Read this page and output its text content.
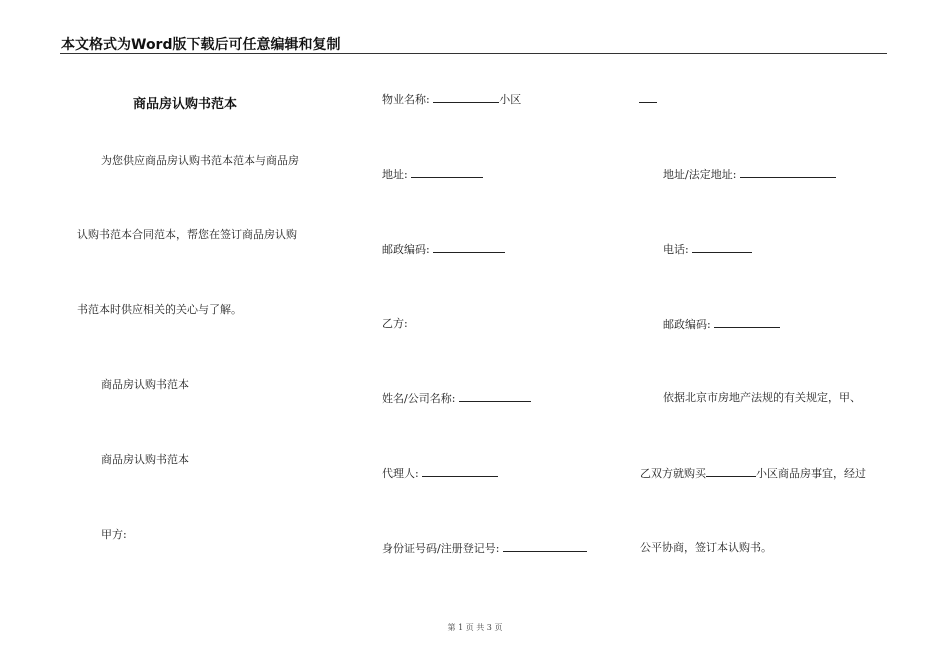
本文格式为Word版下载后可任意编辑和复制
商品房认购书范本
为您供应商品房认购书范本范本与商品房
认购书范本合同范本，帮您在签订商品房认购
书范本时供应相关的关心与了解。
商品房认购书范本
商品房认购书范本
甲方:
物业名称:	小区
地址:
邮政编码:
乙方:
姓名/公司名称:
代理人:
身份证号码/注册登记号:
地址/法定地址:
电话:
邮政编码:
依据北京市房地产法规的有关规定，甲、
乙双方就购买	小区商品房事宜，经过
公平协商，签订本认购书。
第 1 页 共 3 页
